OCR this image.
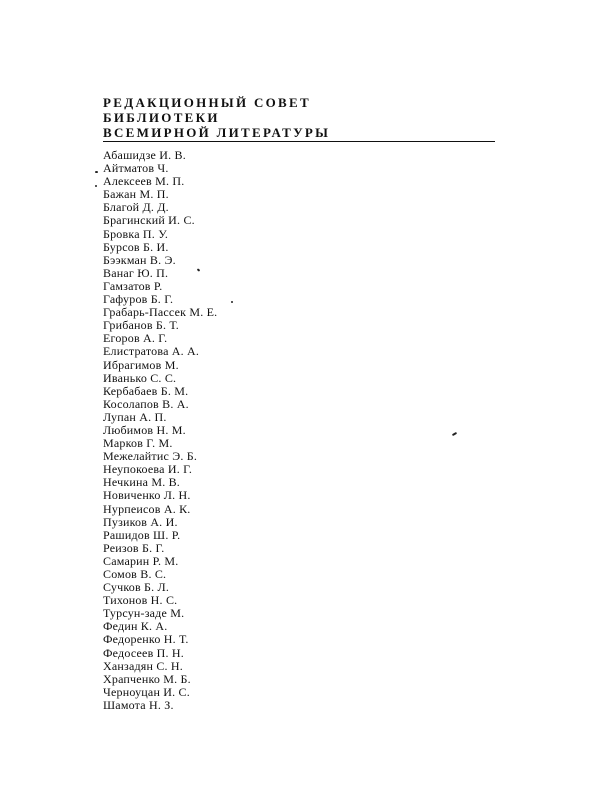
РЕДАКЦИОННЫЙ СОВЕТ
БИБЛИОТЕКИ
ВСЕМИРНОЙ ЛИТЕРАТУРЫ
Абашидзе И. В.
Айтматов Ч.
Алексеев М. П.
Бажан М. П.
Благой Д. Д.
Брагинский И. С.
Бровка П. У.
Бурсов Б. И.
Бээкман В. Э.
Ванаг Ю. П.
Гамзатов Р.
Гафуров Б. Г.
Грабарь-Пассек М. Е.
Грибанов Б. Т.
Егоров А. Г.
Елистратова А. А.
Ибрагимов М.
Иванько С. С.
Кербабаев Б. М.
Косолапов В. А.
Лупан А. П.
Любимов Н. М.
Марков Г. М.
Межелайтис Э. Б.
Неупокоева И. Г.
Нечкина М. В.
Новиченко Л. Н.
Нурпеисов А. К.
Пузиков А. И.
Рашидов Ш. Р.
Реизов Б. Г.
Самарин Р. М.
Сомов В. С.
Сучков Б. Л.
Тихонов Н. С.
Турсун-заде М.
Федин К. А.
Федоренко Н. Т.
Федосеев П. Н.
Ханзадян С. Н.
Храпченко М. Б.
Черноуцан И. С.
Шамота Н. З.
